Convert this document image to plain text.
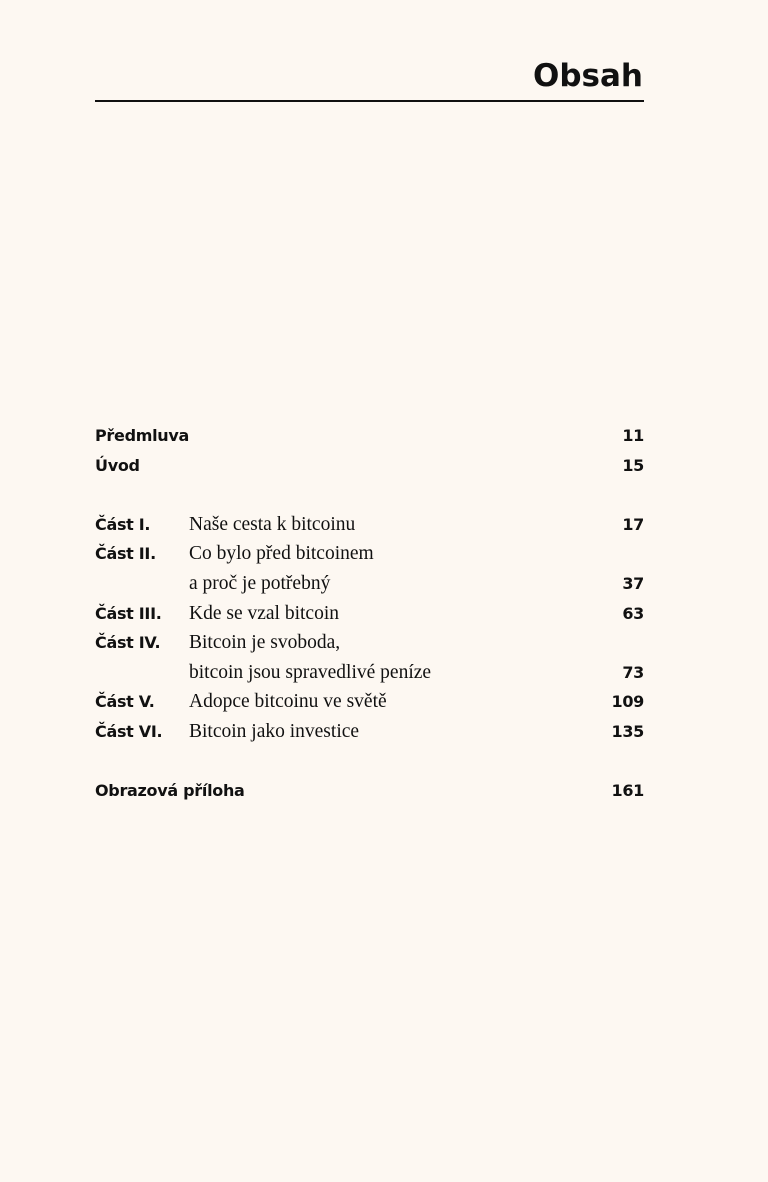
Obsah
Předmluva	11
Úvod	15
Část I. Naše cesta k bitcoinu	17
Část II. Co bylo před bitcoinem
a proč je potřebný	37
Část III. Kde se vzal bitcoin	63
Část IV. Bitcoin je svoboda,
bitcoin jsou spravedlivé peníze	73
Část V. Adopce bitcoinu ve světě	109
Část VI. Bitcoin jako investice	135
Obrazová příloha	161
